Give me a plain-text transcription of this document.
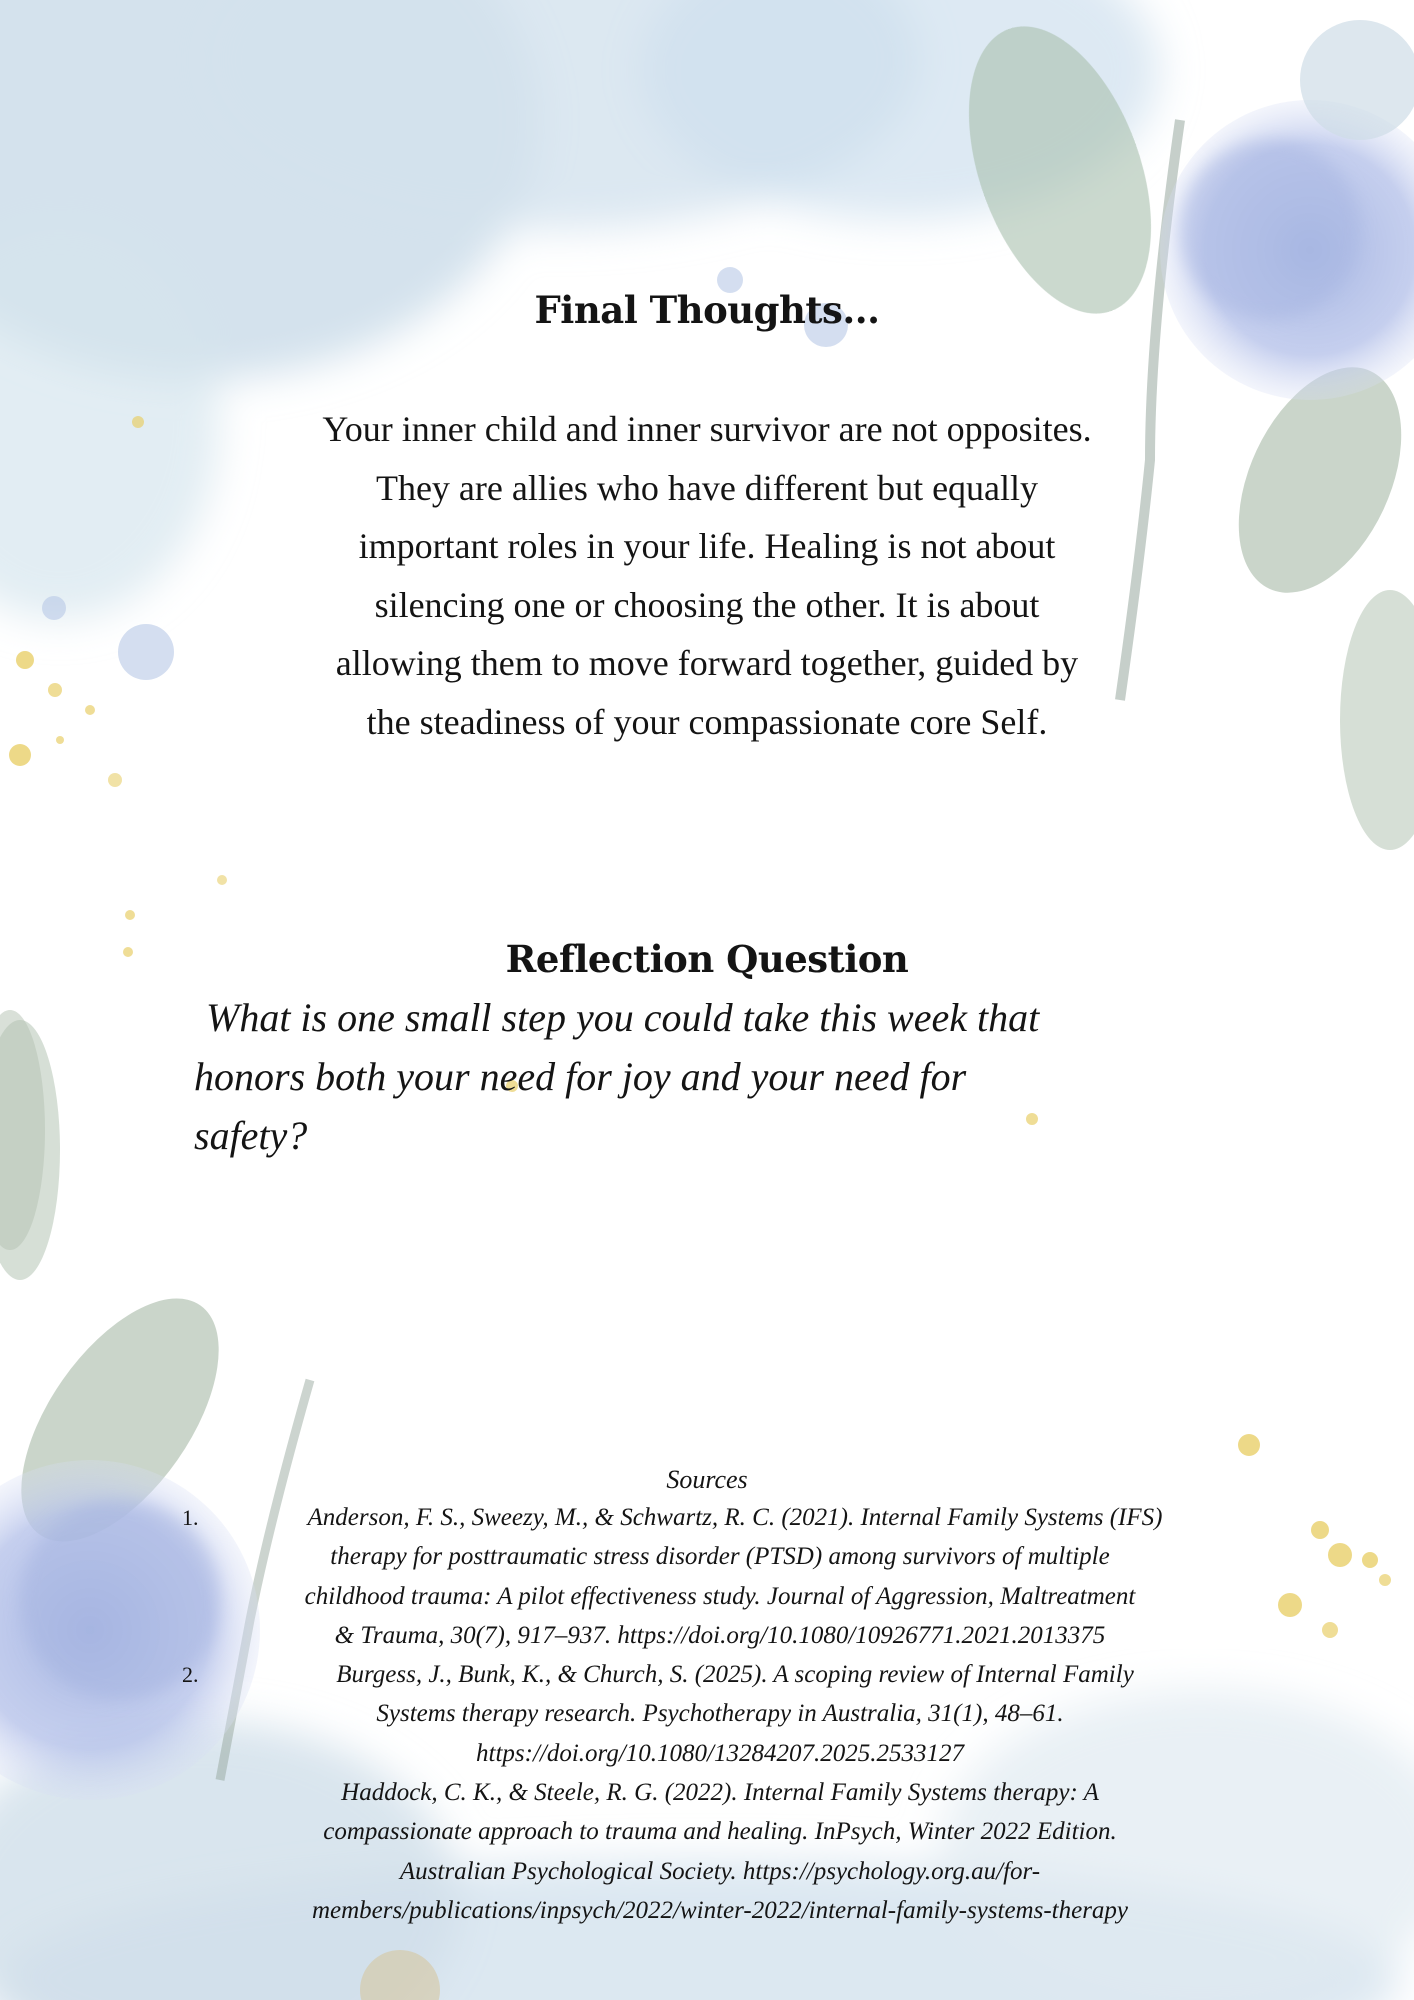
Final Thoughts...
Your inner child and inner survivor are not opposites.
They are allies who have different but equally
important roles in your life. Healing is not about
silencing one or choosing the other. It is about
allowing them to move forward together, guided by
the steadiness of your compassionate core Self.
Reflection Question
What is one small step you could take this week that
honors both your need for joy and your need for
safety?
Sources
1.	Anderson, F. S., Sweezy, M., & Schwartz, R. C. (2021). Internal Family Systems (IFS)
therapy for posttraumatic stress disorder (PTSD) among survivors of multiple
childhood trauma: A pilot effectiveness study. Journal of Aggression, Maltreatment
& Trauma, 30(7), 917–937. https://doi.org/10.1080/10926771.2021.2013375
2.	Burgess, J., Bunk, K., & Church, S. (2025). A scoping review of Internal Family
Systems therapy research. Psychotherapy in Australia, 31(1), 48–61.
https://doi.org/10.1080/13284207.2025.2533127
Haddock, C. K., & Steele, R. G. (2022). Internal Family Systems therapy: A
compassionate approach to trauma and healing. InPsych, Winter 2022 Edition.
Australian Psychological Society. https://psychology.org.au/for-
members/publications/inpsych/2022/winter-2022/internal-family-systems-therapy
